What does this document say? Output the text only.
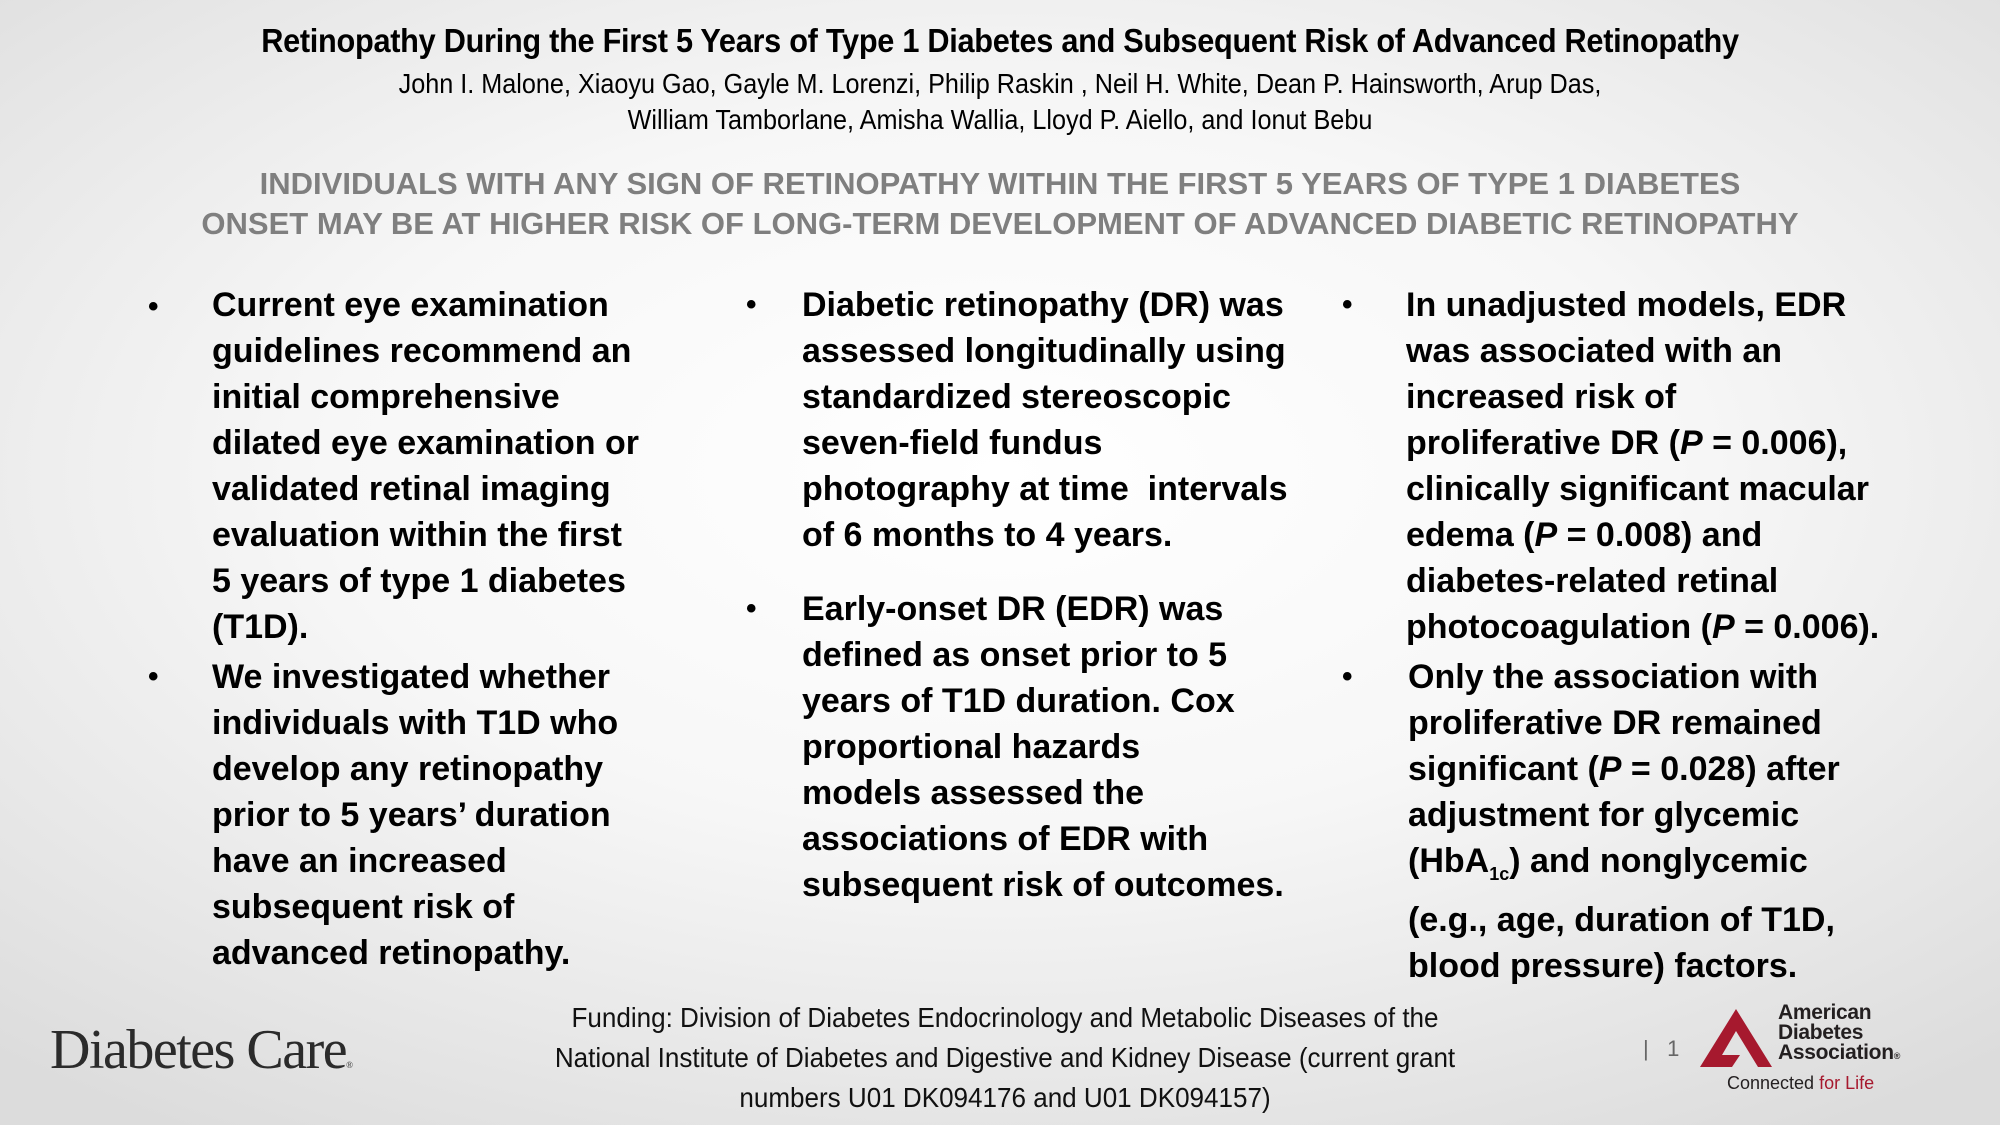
Retinopathy During the First 5 Years of Type 1 Diabetes and Subsequent Risk of Advanced Retinopathy
John I. Malone, Xiaoyu Gao, Gayle M. Lorenzi, Philip Raskin , Neil H. White, Dean P. Hainsworth, Arup Das,
William Tamborlane, Amisha Wallia, Lloyd P. Aiello, and Ionut Bebu
INDIVIDUALS WITH ANY SIGN OF RETINOPATHY WITHIN THE FIRST 5 YEARS OF TYPE 1 DIABETES
ONSET MAY BE AT HIGHER RISK OF LONG-TERM DEVELOPMENT OF ADVANCED DIABETIC RETINOPATHY
• Current eye examination
guidelines recommend an
initial comprehensive
dilated eye examination or
validated retinal imaging
evaluation within the first
5 years of type 1 diabetes
(T1D).
• We investigated whether
individuals with T1D who
develop any retinopathy
prior to 5 years’ duration
have an increased
subsequent risk of
advanced retinopathy.
• Diabetic retinopathy (DR) was
assessed longitudinally using
standardized stereoscopic
seven-field fundus
photography at time  intervals
of 6 months to 4 years.
• Early-onset DR (EDR) was
defined as onset prior to 5
years of T1D duration. Cox
proportional hazards
models assessed the
associations of EDR with
subsequent risk of outcomes.
• In unadjusted models, EDR
was associated with an
increased risk of
proliferative DR (P = 0.006),
clinically significant macular
edema (P = 0.008) and
diabetes-related retinal
photocoagulation (P = 0.006).
• Only the association with
proliferative DR remained
significant (P = 0.028) after
adjustment for glycemic
(HbA$_{1c}$) and nonglycemic
(e.g., age, duration of T1D,
blood pressure) factors.
Diabetes Care®
Funding: Division of Diabetes Endocrinology and Metabolic Diseases of the
National Institute of Diabetes and Digestive and Kidney Disease (current grant
numbers U01 DK094176 and U01 DK094157)
| 1
American
Diabetes
Association®
Connected for Life
